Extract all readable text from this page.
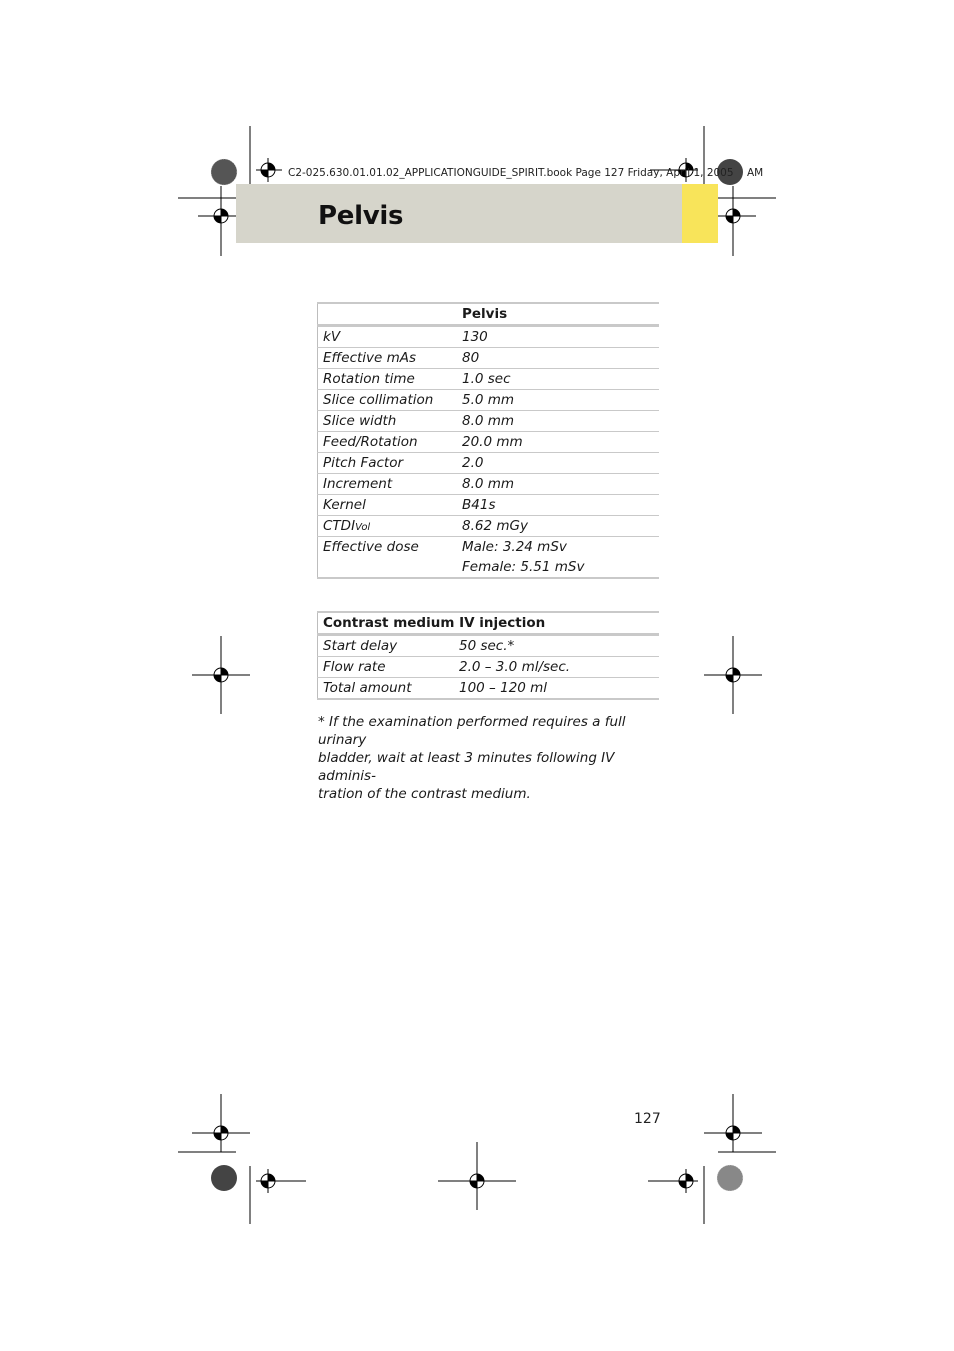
C2-025.630.01.01.02_APPLICATIONGUIDE_SPIRIT.book Page 127 Friday, April 1, 2005 AM
Pelvis
	Pelvis
kV	130
Effective mAs	80
Rotation time	1.0 sec
Slice collimation	5.0 mm
Slice width	8.0 mm
Feed/Rotation	20.0 mm
Pitch Factor	2.0
Increment	8.0 mm
Kernel	B41s
CTDIVol	8.62 mGy
Effective dose	Male: 3.24 mSv
	Female: 5.51 mSv
Contrast medium IV injection	
Start delay	50 sec.*
Flow rate	2.0 – 3.0 ml/sec.
Total amount	100 – 120 ml
* If the examination performed requires a full urinary
bladder, wait at least 3 minutes following IV adminis-
tration of the contrast medium.
127
